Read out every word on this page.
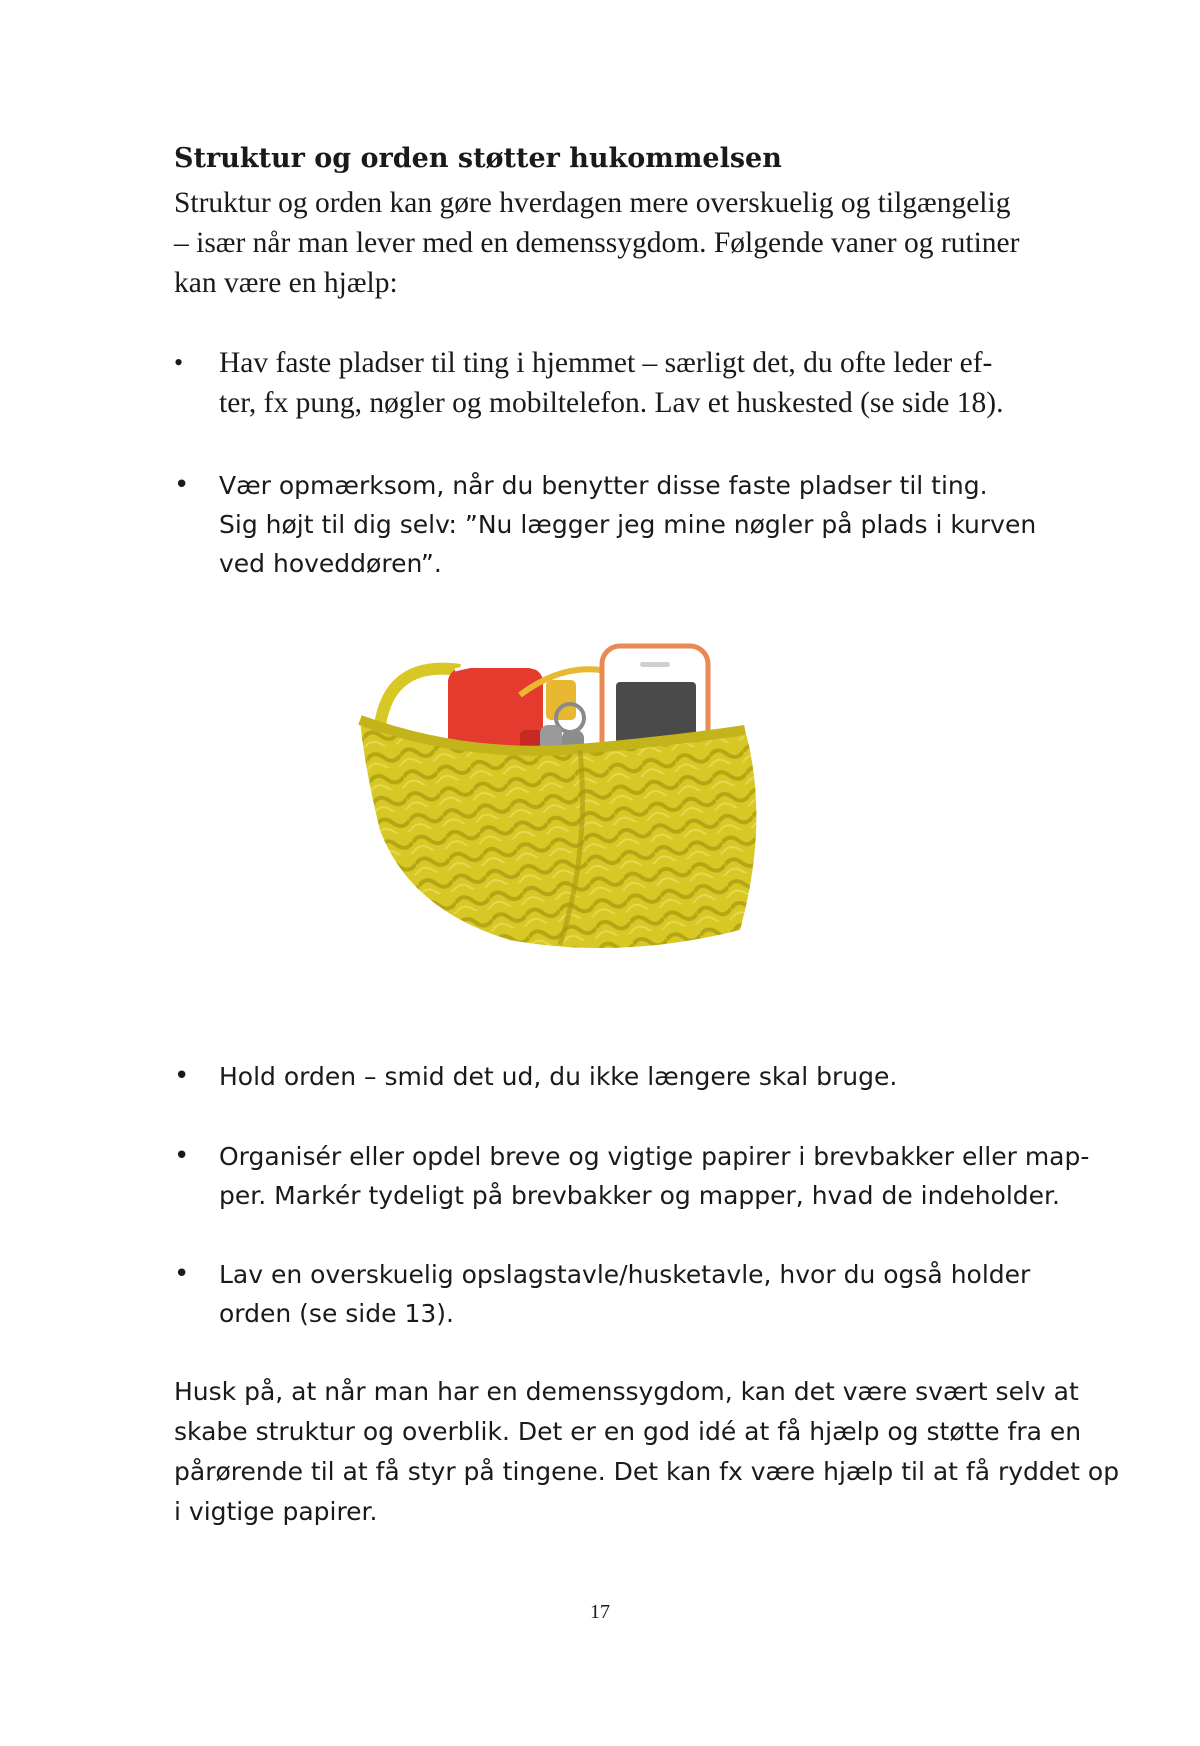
Struktur og orden støtter hukommelsen

Struktur og orden kan gøre hverdagen mere overskuelig og tilgængelig
– især når man lever med en demenssygdom. Følgende vaner og rutiner
kan være en hjælp:

• Hav faste pladser til ting i hjemmet – særligt det, du ofte leder ef-
ter, fx pung, nøgler og mobiltelefon. Lav et huskested (se side 18).
• Vær opmærksom, når du benytter disse faste pladser til ting.
Sig højt til dig selv: ”Nu lægger jeg mine nøgler på plads i kurven
ved hoveddøren”.
• Hold orden – smid det ud, du ikke længere skal bruge.
• Organisér eller opdel breve og vigtige papirer i brevbakker eller map-
per. Markér tydeligt på brevbakker og mapper, hvad de indeholder.
• Lav en overskuelig opslagstavle/husketavle, hvor du også holder
orden (se side 13).

Husk på, at når man har en demenssygdom, kan det være svært selv at
skabe struktur og overblik. Det er en god idé at få hjælp og støtte fra en
pårørende til at få styr på tingene. Det kan fx være hjælp til at få ryddet op
i vigtige papirer.

17
